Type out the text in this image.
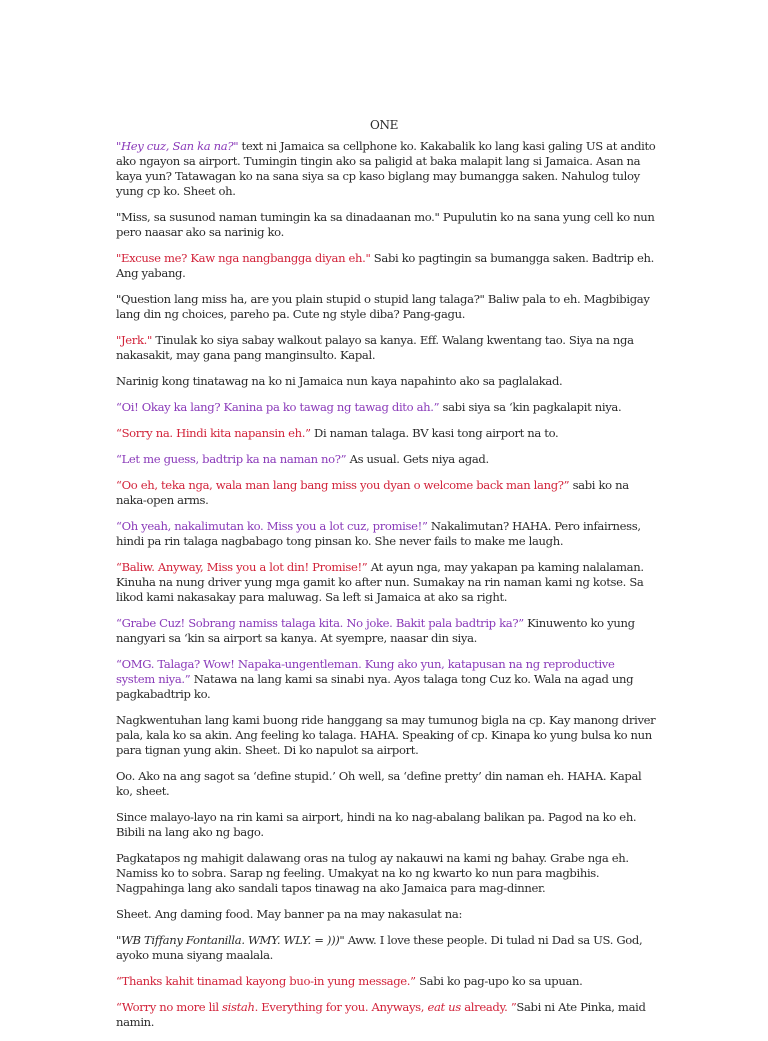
ONE

"Hey cuz, San ka na?" text ni Jamaica sa cellphone ko. Kakabalik ko lang kasi galing US at andito ako ngayon sa airport. Tumingin tingin ako sa paligid at baka malapit lang si Jamaica. Asan na kaya yun? Tatawagan ko na sana siya sa cp kaso biglang may bumangga saken. Nahulog tuloy yung cp ko. Sheet oh.

"Miss, sa susunod naman tumingin ka sa dinadaanan mo." Pupulutin ko na sana yung cell ko nun pero naasar ako sa narinig ko.

"Excuse me? Kaw nga nangbangga diyan eh." Sabi ko pagtingin sa bumangga saken. Badtrip eh. Ang yabang.

"Question lang miss ha, are you plain stupid o stupid lang talaga?" Baliw pala to eh. Magbibigay lang din ng choices, pareho pa. Cute ng style diba? Pang-gagu.

"Jerk." Tinulak ko siya sabay walkout palayo sa kanya. Eff. Walang kwentang tao. Siya na nga nakasakit, may gana pang manginsulto. Kapal.

Narinig kong tinatawag na ko ni Jamaica nun kaya napahinto ako sa paglalakad.

“Oi! Okay ka lang? Kanina pa ko tawag ng tawag dito ah.” sabi siya sa ‘kin pagkalapit niya.

“Sorry na. Hindi kita napansin eh.” Di naman talaga. BV kasi tong airport na to.

“Let me guess, badtrip ka na naman no?” As usual. Gets niya agad.

“Oo eh, teka nga, wala man lang bang miss you dyan o welcome back man lang?” sabi ko na naka-open arms.

“Oh yeah, nakalimutan ko. Miss you a lot cuz, promise!” Nakalimutan? HAHA. Pero infairness, hindi pa rin talaga nagbabago tong pinsan ko. She never fails to make me laugh.

“Baliw. Anyway, Miss you a lot din! Promise!” At ayun nga, may yakapan pa kaming nalalaman. Kinuha na nung driver yung mga gamit ko after nun. Sumakay na rin naman kami ng kotse. Sa likod kami nakasakay para maluwag. Sa left si Jamaica at ako sa right.

“Grabe Cuz! Sobrang namiss talaga kita. No joke. Bakit pala badtrip ka?” Kinuwento ko yung nangyari sa ‘kin sa airport sa kanya. At syempre, naasar din siya.

“OMG. Talaga? Wow! Napaka-ungentleman. Kung ako yun, katapusan na ng reproductive system niya.” Natawa na lang kami sa sinabi nya. Ayos talaga tong Cuz ko. Wala na agad ung pagkabadtrip ko.

Nagkwentuhan lang kami buong ride hanggang sa may tumunog bigla na cp. Kay manong driver pala, kala ko sa akin. Ang feeling ko talaga. HAHA. Speaking of cp. Kinapa ko yung bulsa ko nun para tignan yung akin. Sheet. Di ko napulot sa airport.

Oo. Ako na ang sagot sa ‘define stupid.’ Oh well, sa ‘define pretty’ din naman eh. HAHA. Kapal ko, sheet.

Since malayo-layo na rin kami sa airport, hindi na ko nag-abalang balikan pa. Pagod na ko eh. Bibili na lang ako ng bago.

Pagkatapos ng mahigit dalawang oras na tulog ay nakauwi na kami ng bahay. Grabe nga eh. Namiss ko to sobra. Sarap ng feeling. Umakyat na ko ng kwarto ko nun para magbihis. Nagpahinga lang ako sandali tapos tinawag na ako Jamaica para mag-dinner.

Sheet. Ang daming food. May banner pa na may nakasulat na:

"WB Tiffany Fontanilla. WMY. WLY. = )))" Aww. I love these people. Di tulad ni Dad sa US. God, ayoko muna siyang maalala.

“Thanks kahit tinamad kayong buo-in yung message.” Sabi ko pag-upo ko sa upuan.

“Worry no more lil sistah. Everything for you. Anyways, eat us already. ”Sabi ni Ate Pinka, maid namin.
